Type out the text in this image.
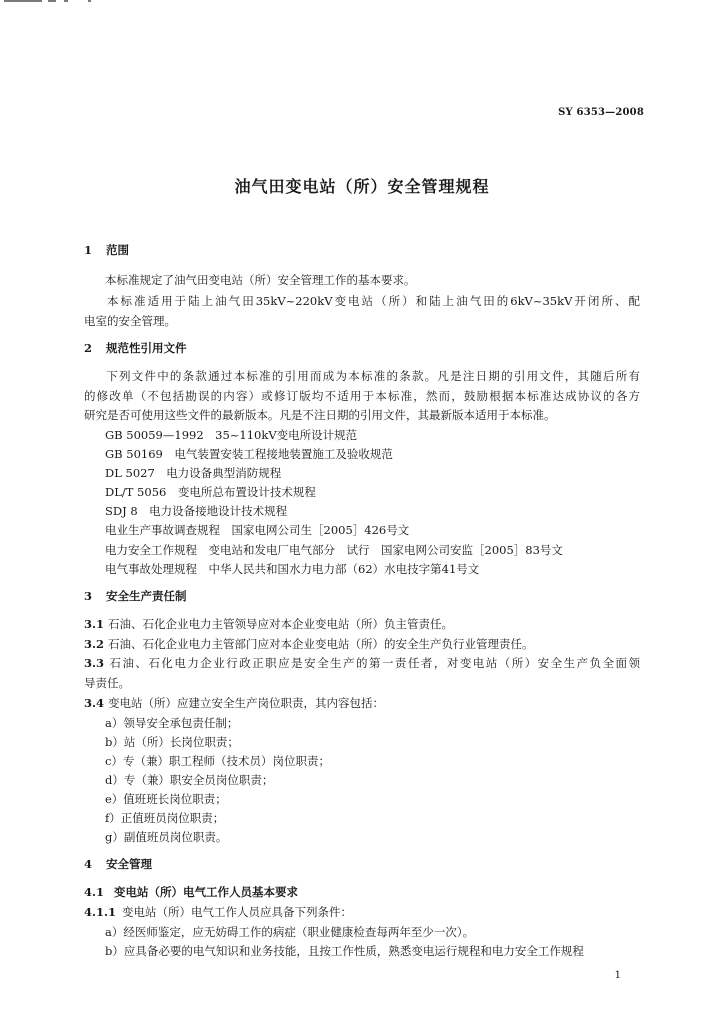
SY 6353—2008
油气田变电站（所）安全管理规程
1 范围
本标准规定了油气田变电站（所）安全管理工作的基本要求。
本标准适用于陆上油气田35kV~220kV变电站（所）和陆上油气田的6kV~35kV开闭所、配
电室的安全管理。
2 规范性引用文件
下列文件中的条款通过本标准的引用而成为本标准的条款。凡是注日期的引用文件，其随后所有
的修改单（不包括勘误的内容）或修订版均不适用于本标准，然而，鼓励根据本标准达成协议的各方
研究是否可使用这些文件的最新版本。凡是不注日期的引用文件，其最新版本适用于本标准。
GB 50059—1992　35~110kV变电所设计规范
GB 50169　电气装置安装工程接地装置施工及验收规范
DL 5027　电力设备典型消防规程
DL/T 5056　变电所总布置设计技术规程
SDJ 8　电力设备接地设计技术规程
电业生产事故调查规程　国家电网公司生［2005］426号文
电力安全工作规程　变电站和发电厂电气部分　试行　国家电网公司安监［2005］83号文
电气事故处理规程　中华人民共和国水力电力部（62）水电技字第41号文
3 安全生产责任制
3.1 石油、石化企业电力主管领导应对本企业变电站（所）负主管责任。
3.2 石油、石化企业电力主管部门应对本企业变电站（所）的安全生产负行业管理责任。
3.3 石油、石化电力企业行政正职应是安全生产的第一责任者，对变电站（所）安全生产负全面领
导责任。
3.4 变电站（所）应建立安全生产岗位职责，其内容包括：
a）领导安全承包责任制；
b）站（所）长岗位职责；
c）专（兼）职工程师（技术员）岗位职责；
d）专（兼）职安全员岗位职责；
e）值班班长岗位职责；
f）正值班员岗位职责；
g）副值班员岗位职责。
4 安全管理
4.1 变电站（所）电气工作人员基本要求
4.1.1 变电站（所）电气工作人员应具备下列条件：
a）经医师鉴定，应无妨碍工作的病症（职业健康检查每两年至少一次）。
b）应具备必要的电气知识和业务技能，且按工作性质，熟悉变电运行规程和电力安全工作规程
1
